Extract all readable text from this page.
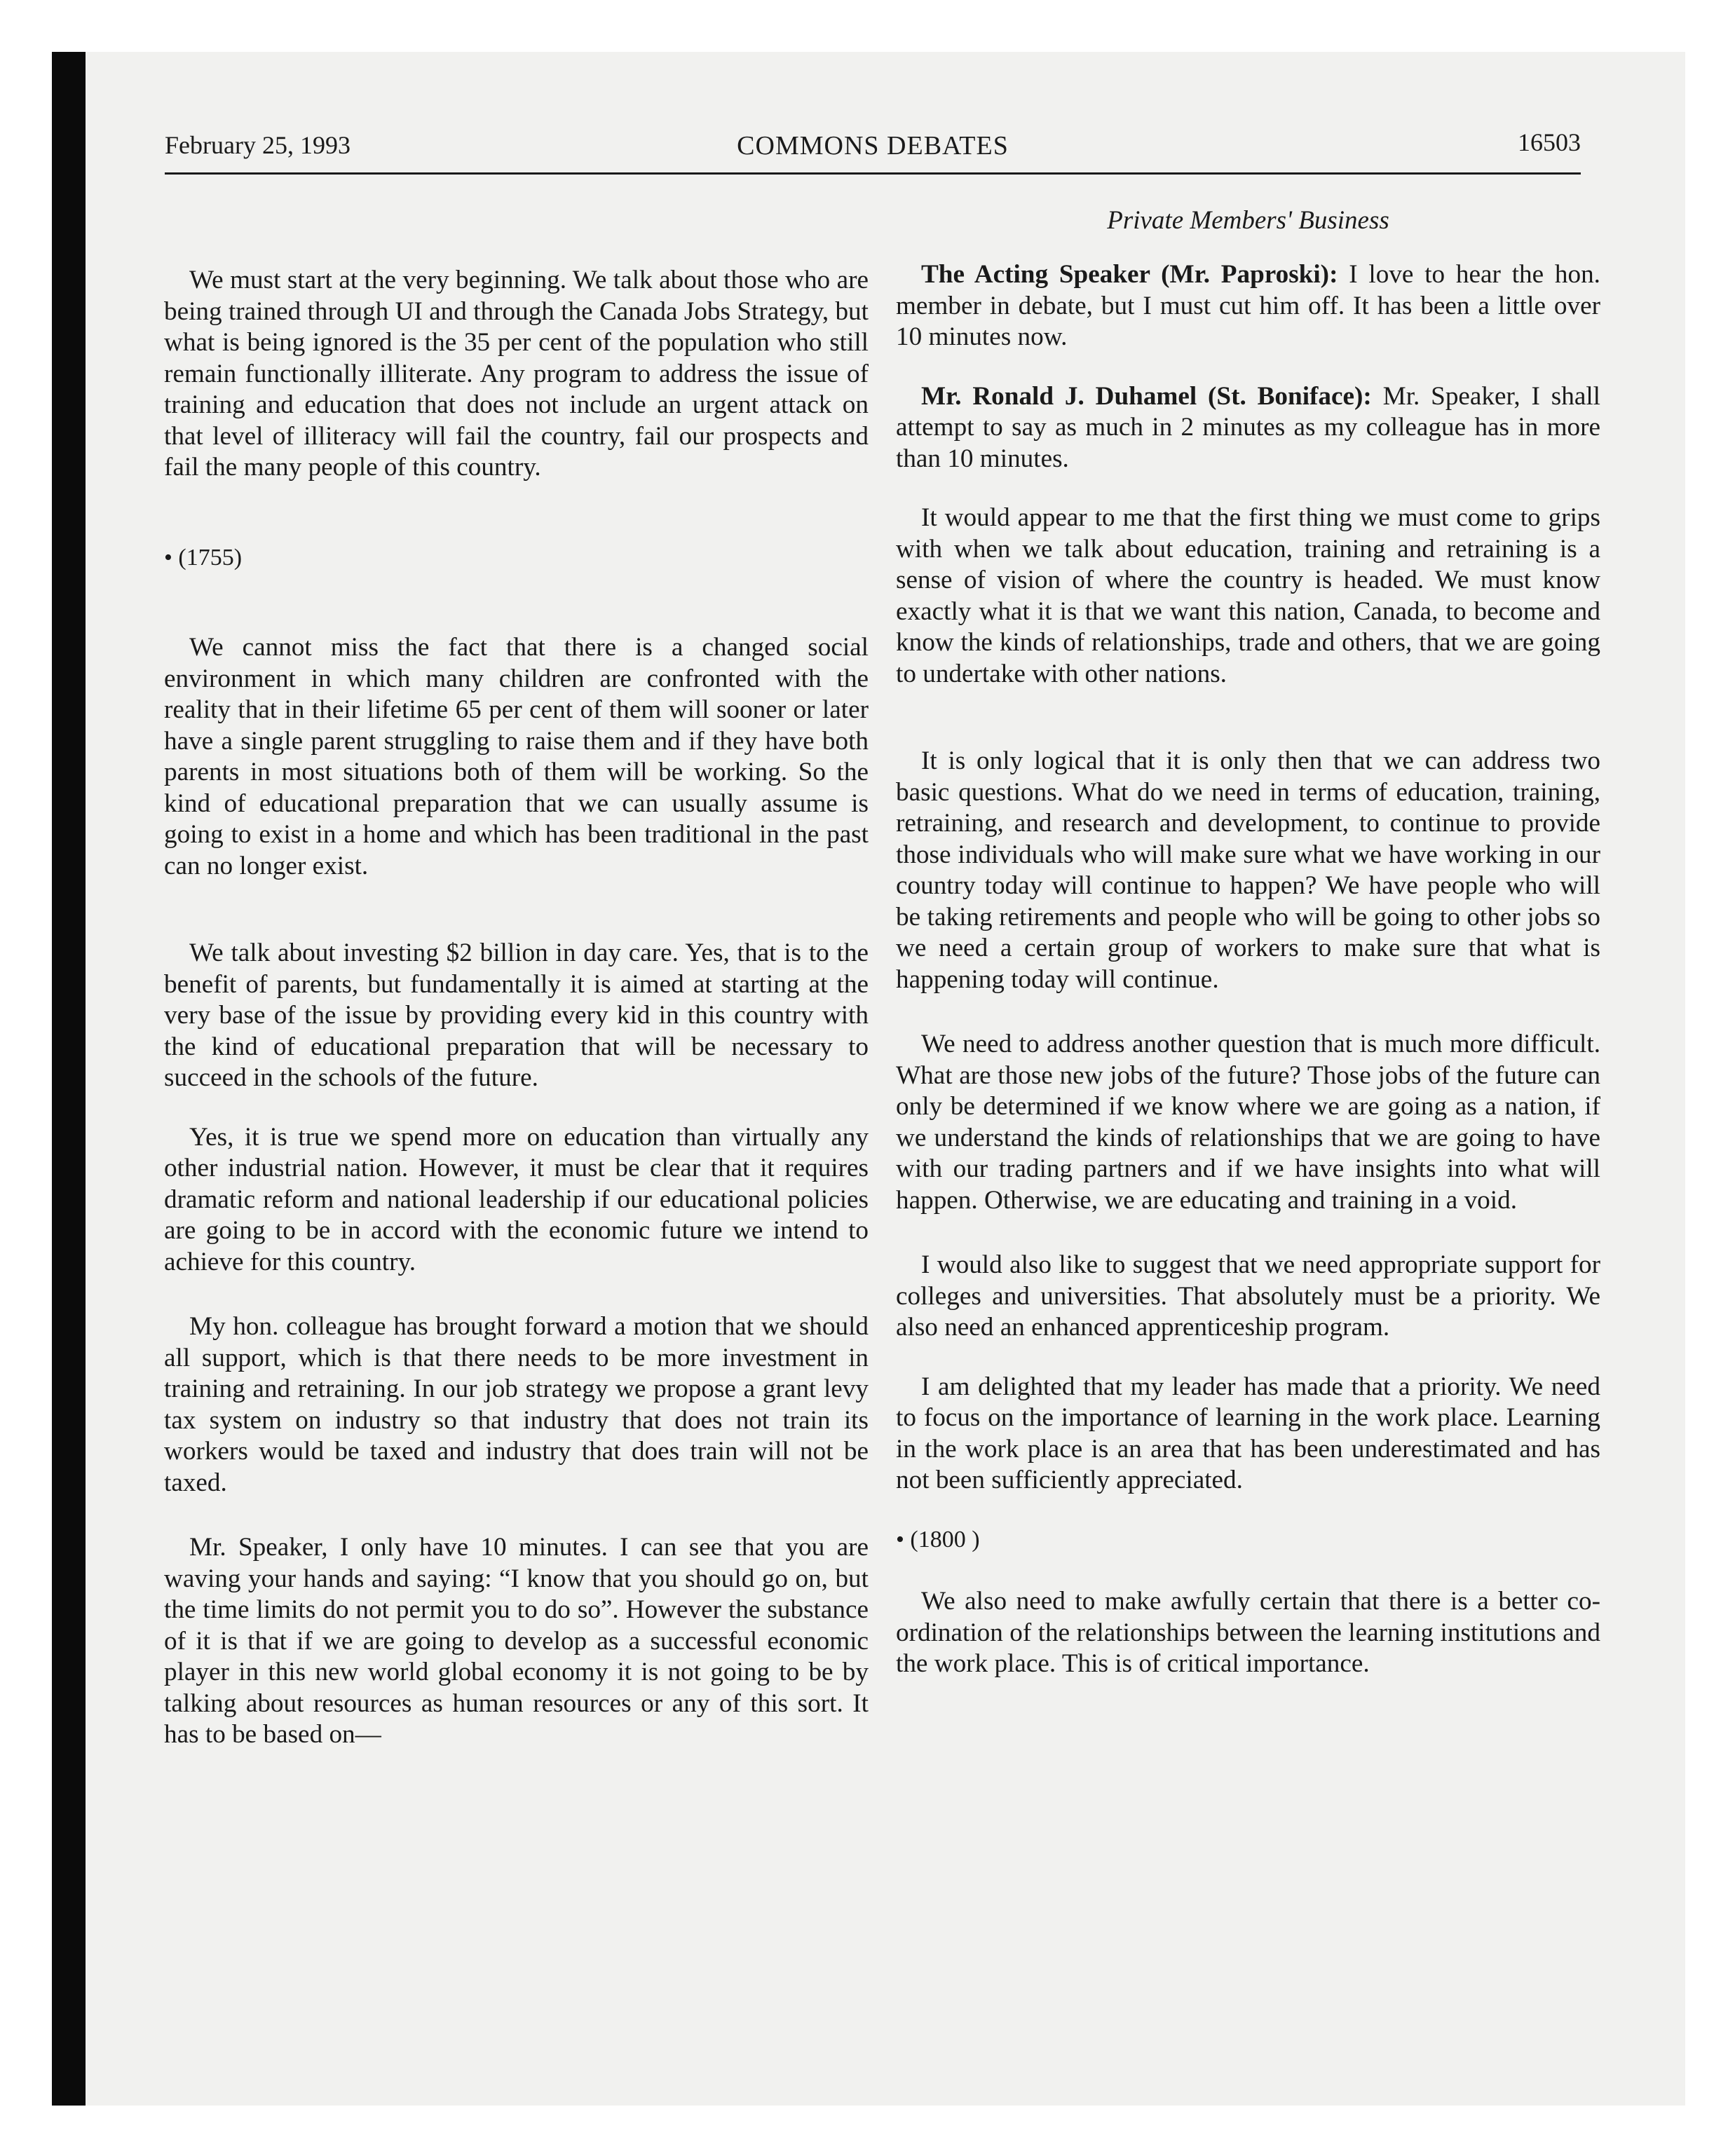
February 25, 1993	COMMONS DEBATES	16503
Private Members' Business

We must start at the very beginning. We talk about those who are being trained through UI and through the Canada Jobs Strategy, but what is being ignored is the 35 per cent of the population who still remain functionally illiterate. Any program to address the issue of training and education that does not include an urgent attack on that level of illiteracy will fail the country, fail our prospects and fail the many people of this country.

• (1755)

We cannot miss the fact that there is a changed social environment in which many children are confronted with the reality that in their lifetime 65 per cent of them will sooner or later have a single parent struggling to raise them and if they have both parents in most situations both of them will be working. So the kind of educational preparation that we can usually assume is going to exist in a home and which has been traditional in the past can no longer exist.

We talk about investing $2 billion in day care. Yes, that is to the benefit of parents, but fundamentally it is aimed at starting at the very base of the issue by providing every kid in this country with the kind of educational preparation that will be necessary to succeed in the schools of the future.

Yes, it is true we spend more on education than virtually any other industrial nation. However, it must be clear that it requires dramatic reform and national leadership if our educational policies are going to be in accord with the economic future we intend to achieve for this country.

My hon. colleague has brought forward a motion that we should all support, which is that there needs to be more investment in training and retraining. In our job strategy we propose a grant levy tax system on industry so that industry that does not train its workers would be taxed and industry that does train will not be taxed.

Mr. Speaker, I only have 10 minutes. I can see that you are waving your hands and saying: “I know that you should go on, but the time limits do not permit you to do so”. However the substance of it is that if we are going to develop as a successful economic player in this new world global economy it is not going to be by talking about resources as human resources or any of this sort. It has to be based on—

The Acting Speaker (Mr. Paproski): I love to hear the hon. member in debate, but I must cut him off. It has been a little over 10 minutes now.

Mr. Ronald J. Duhamel (St. Boniface): Mr. Speaker, I shall attempt to say as much in 2 minutes as my colleague has in more than 10 minutes.

It would appear to me that the first thing we must come to grips with when we talk about education, training and retraining is a sense of vision of where the country is headed. We must know exactly what it is that we want this nation, Canada, to become and know the kinds of relationships, trade and others, that we are going to undertake with other nations.

It is only logical that it is only then that we can address two basic questions. What do we need in terms of education, training, retraining, and research and development, to continue to provide those individuals who will make sure what we have working in our country today will continue to happen? We have people who will be taking retirements and people who will be going to other jobs so we need a certain group of workers to make sure that what is happening today will continue.

We need to address another question that is much more difficult. What are those new jobs of the future? Those jobs of the future can only be determined if we know where we are going as a nation, if we understand the kinds of relationships that we are going to have with our trading partners and if we have insights into what will happen. Otherwise, we are educating and training in a void.

I would also like to suggest that we need appropriate support for colleges and universities. That absolutely must be a priority. We also need an enhanced apprenticeship program.

I am delighted that my leader has made that a priority. We need to focus on the importance of learning in the work place. Learning in the work place is an area that has been underestimated and has not been sufficiently appreciated.

• (1800 )

We also need to make awfully certain that there is a better co-ordination of the relationships between the learning institutions and the work place. This is of critical importance.
